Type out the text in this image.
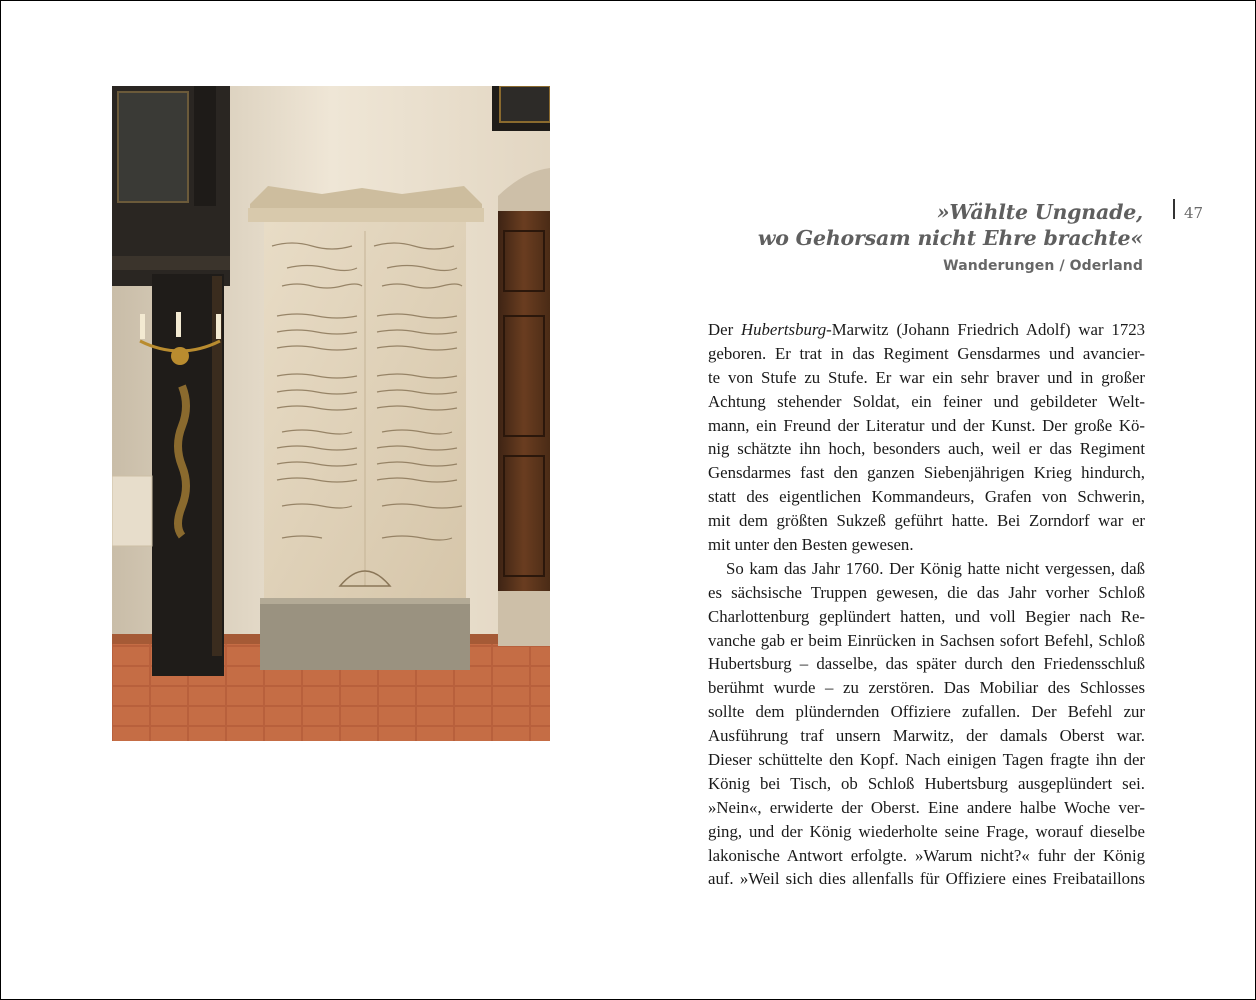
»Wählte Ungnade,
wo Gehorsam nicht Ehre brachte«
Wanderungen / Oderland
47
Der Hubertsburg-Marwitz (Johann Friedrich Adolf) war 1723
geboren. Er trat in das Regiment Gensdarmes und avancier-
te von Stufe zu Stufe. Er war ein sehr braver und in großer
Achtung stehender Soldat, ein feiner und gebildeter Welt-
mann, ein Freund der Literatur und der Kunst. Der große Kö-
nig schätzte ihn hoch, besonders auch, weil er das Regiment
Gensdarmes fast den ganzen Siebenjährigen Krieg hindurch,
statt des eigentlichen Kommandeurs, Grafen von Schwerin,
mit dem größten Sukzeß geführt hatte. Bei Zorndorf war er
mit unter den Besten gewesen.
So kam das Jahr 1760. Der König hatte nicht vergessen, daß
es sächsische Truppen gewesen, die das Jahr vorher Schloß
Charlottenburg geplündert hatten, und voll Begier nach Re-
vanche gab er beim Einrücken in Sachsen sofort Befehl, Schloß
Hubertsburg – dasselbe, das später durch den Friedensschluß
berühmt wurde – zu zerstören. Das Mobiliar des Schlosses
sollte dem plündernden Offiziere zufallen. Der Befehl zur
Ausführung traf unsern Marwitz, der damals Oberst war.
Dieser schüttelte den Kopf. Nach einigen Tagen fragte ihn der
König bei Tisch, ob Schloß Hubertsburg ausgeplündert sei.
»Nein«, erwiderte der Oberst. Eine andere halbe Woche ver-
ging, und der König wiederholte seine Frage, worauf dieselbe
lakonische Antwort erfolgte. »Warum nicht?« fuhr der König
auf. »Weil sich dies allenfalls für Offiziere eines Freibataillons
